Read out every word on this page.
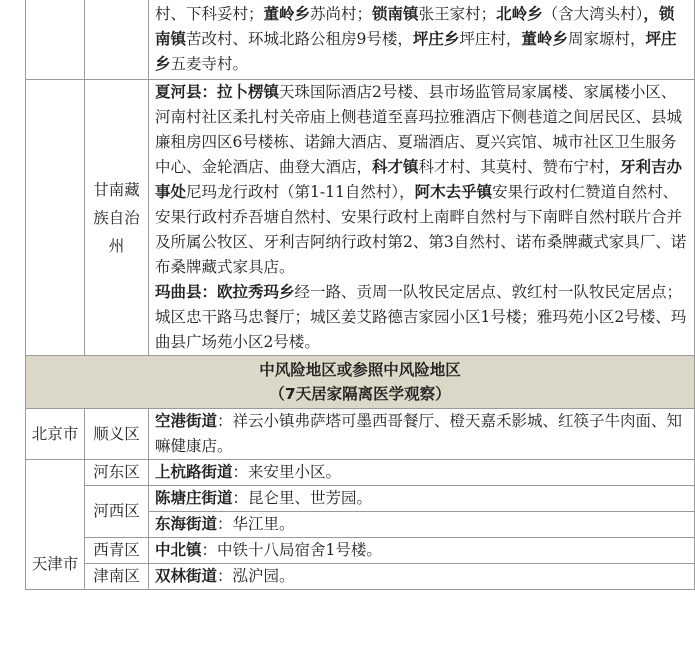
		村、下科妥村；董岭乡苏尚村；锁南镇张王家村；北岭乡（含大湾头村），锁南镇苦改村、环城北路公租房9号楼，坪庄乡坪庄村，董岭乡周家塬村，坪庄乡五麦寺村。

	甘南藏族自治州	夏河县：拉卜楞镇天珠国际酒店2号楼、县市场监管局家属楼、家属楼小区、河南村社区柔扎村关帝庙上侧巷道至喜玛拉雅酒店下侧巷道之间居民区、县城廉租房四区6号楼栋、诺錦大酒店、夏瑞酒店、夏兴宾馆、城市社区卫生服务中心、金轮酒店、曲登大酒店，科才镇科才村、其莫村、赞布宁村，牙利吉办事处尼玛龙行政村（第1-11自然村），阿木去乎镇安果行政村仁赞道自然村、安果行政村乔吾塘自然村、安果行政村上南畔自然村与下南畔自然村联片合并及所属公牧区、牙利吉阿纳行政村第2、第3自然村、诺布桑牌藏式家具厂、诺布桑牌藏式家具店。
玛曲县：欧拉秀玛乡经一路、贡周一队牧民定居点、敦红村一队牧民定居点；城区忠干路马忠餐厅；城区姜艾路德吉家园小区1号楼；雅玛苑小区2号楼、玛曲县广场苑小区2号楼。

中风险地区或参照中风险地区
（7天居家隔离医学观察）		

北京市	顺义区	空港街道：祥云小镇弗萨塔可墨西哥餐厅、橙天嘉禾影城、红筷子牛肉面、知嘛健康店。

天津市	河东区	上杭路街道：来安里小区。

	河西区	陈塘庄街道：昆仑里、世芳园。

		东海街道：华江里。

	西青区	中北镇：中铁十八局宿舍1号楼。

	津南区	双林街道：泓沪园。
